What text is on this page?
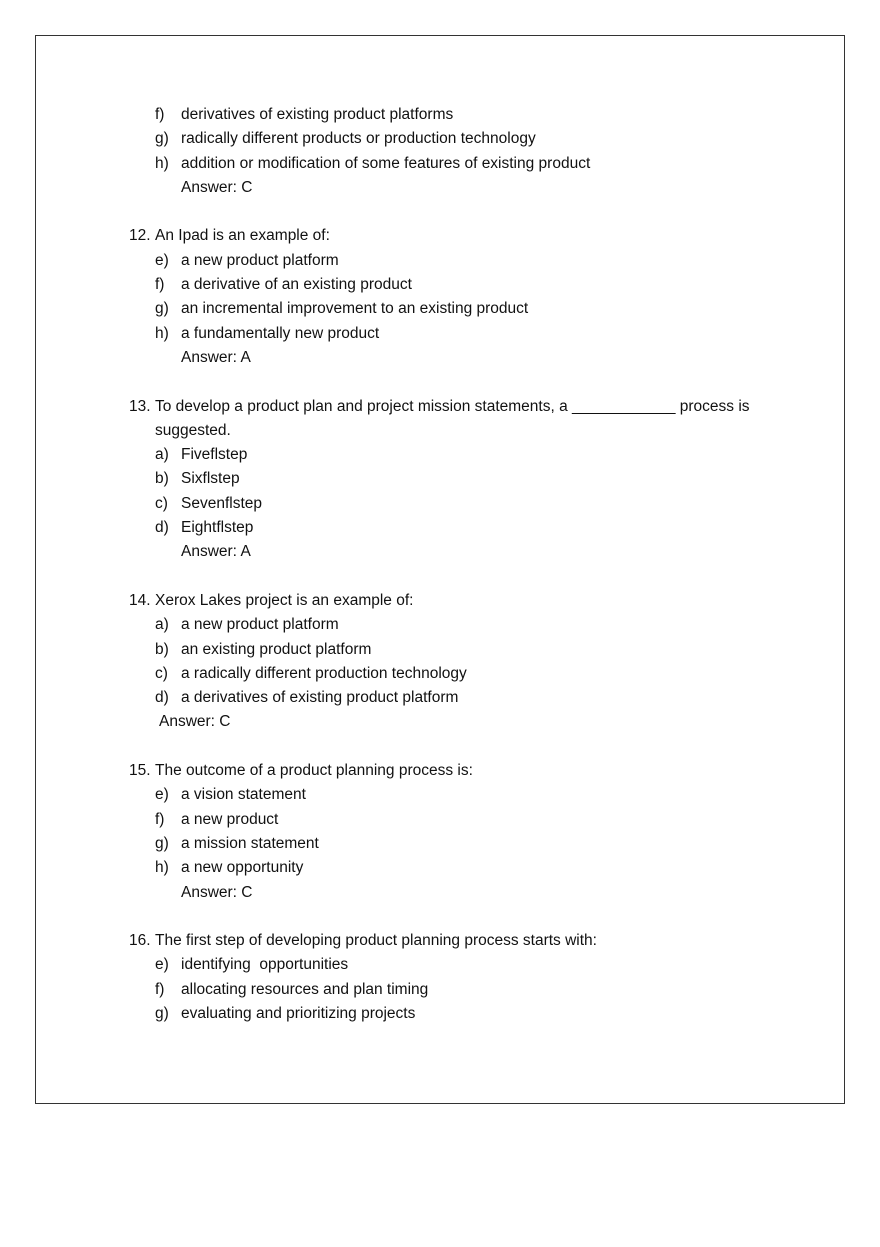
f) derivatives of existing product platforms
g) radically different products or production technology
h) addition or modification of some features of existing product
Answer: C
12. An Ipad is an example of:
e) a new product platform
f) a derivative of an existing product
g) an incremental improvement to an existing product
h) a fundamentally new product
Answer: A
13. To develop a product plan and project mission statements, a ____________ process is
suggested.
a) Fiveflstep
b) Sixflstep
c) Sevenflstep
d) Eightflstep
Answer: A
14. Xerox Lakes project is an example of:
a) a new product platform
b) an existing product platform
c) a radically different production technology
d) a derivatives of existing product platform
Answer: C
15. The outcome of a product planning process is:
e) a vision statement
f) a new product
g) a mission statement
h) a new opportunity
Answer: C
16. The first step of developing product planning process starts with:
e) identifying  opportunities
f) allocating resources and plan timing
g) evaluating and prioritizing projects
